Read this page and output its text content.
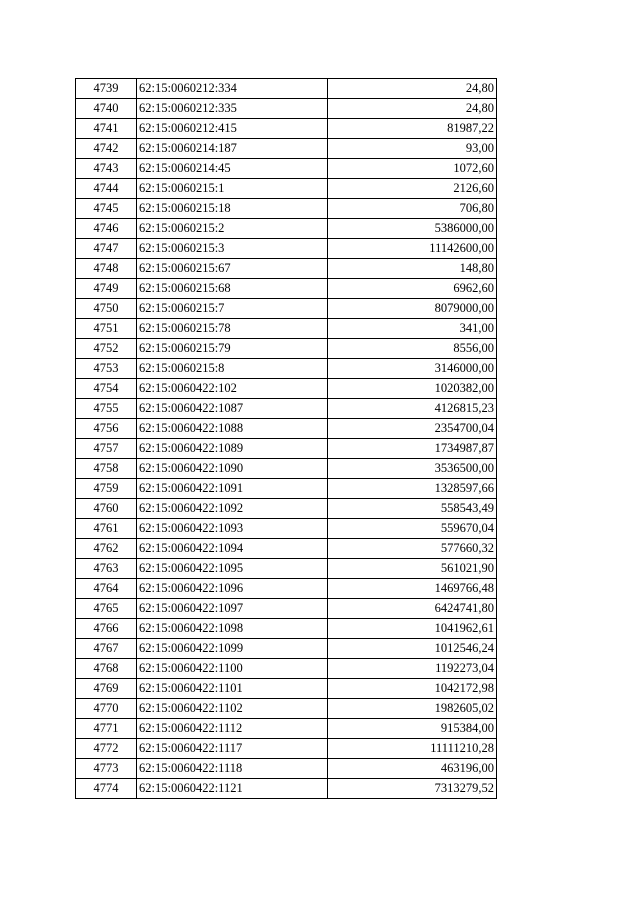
4739	62:15:0060212:334	24,80
4740	62:15:0060212:335	24,80
4741	62:15:0060212:415	81987,22
4742	62:15:0060214:187	93,00
4743	62:15:0060214:45	1072,60
4744	62:15:0060215:1	2126,60
4745	62:15:0060215:18	706,80
4746	62:15:0060215:2	5386000,00
4747	62:15:0060215:3	11142600,00
4748	62:15:0060215:67	148,80
4749	62:15:0060215:68	6962,60
4750	62:15:0060215:7	8079000,00
4751	62:15:0060215:78	341,00
4752	62:15:0060215:79	8556,00
4753	62:15:0060215:8	3146000,00
4754	62:15:0060422:102	1020382,00
4755	62:15:0060422:1087	4126815,23
4756	62:15:0060422:1088	2354700,04
4757	62:15:0060422:1089	1734987,87
4758	62:15:0060422:1090	3536500,00
4759	62:15:0060422:1091	1328597,66
4760	62:15:0060422:1092	558543,49
4761	62:15:0060422:1093	559670,04
4762	62:15:0060422:1094	577660,32
4763	62:15:0060422:1095	561021,90
4764	62:15:0060422:1096	1469766,48
4765	62:15:0060422:1097	6424741,80
4766	62:15:0060422:1098	1041962,61
4767	62:15:0060422:1099	1012546,24
4768	62:15:0060422:1100	1192273,04
4769	62:15:0060422:1101	1042172,98
4770	62:15:0060422:1102	1982605,02
4771	62:15:0060422:1112	915384,00
4772	62:15:0060422:1117	11111210,28
4773	62:15:0060422:1118	463196,00
4774	62:15:0060422:1121	7313279,52
